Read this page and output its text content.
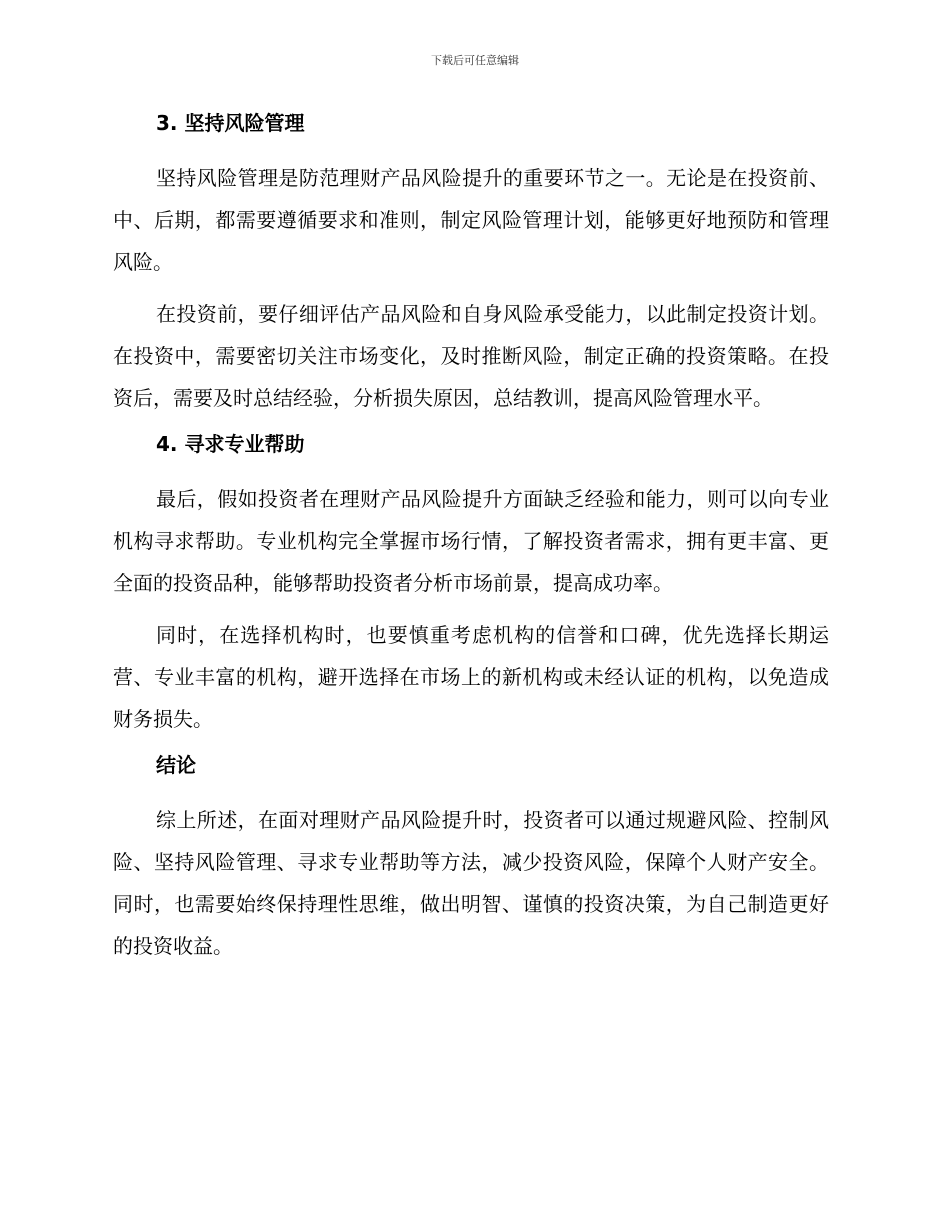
下载后可任意编辑
3. 坚持风险管理

坚持风险管理是防范理财产品风险提升的重要环节之一。无论是在投资前、中、后期，都需要遵循要求和准则，制定风险管理计划，能够更好地预防和管理风险。

在投资前，要仔细评估产品风险和自身风险承受能力，以此制定投资计划。在投资中，需要密切关注市场变化，及时推断风险，制定正确的投资策略。在投资后，需要及时总结经验，分析损失原因，总结教训，提高风险管理水平。

4. 寻求专业帮助

最后，假如投资者在理财产品风险提升方面缺乏经验和能力，则可以向专业机构寻求帮助。专业机构完全掌握市场行情，了解投资者需求，拥有更丰富、更全面的投资品种，能够帮助投资者分析市场前景，提高成功率。

同时，在选择机构时，也要慎重考虑机构的信誉和口碑，优先选择长期运营、专业丰富的机构，避开选择在市场上的新机构或未经认证的机构，以免造成财务损失。

结论

综上所述，在面对理财产品风险提升时，投资者可以通过规避风险、控制风险、坚持风险管理、寻求专业帮助等方法，减少投资风险，保障个人财产安全。同时，也需要始终保持理性思维，做出明智、谨慎的投资决策，为自己制造更好的投资收益。
